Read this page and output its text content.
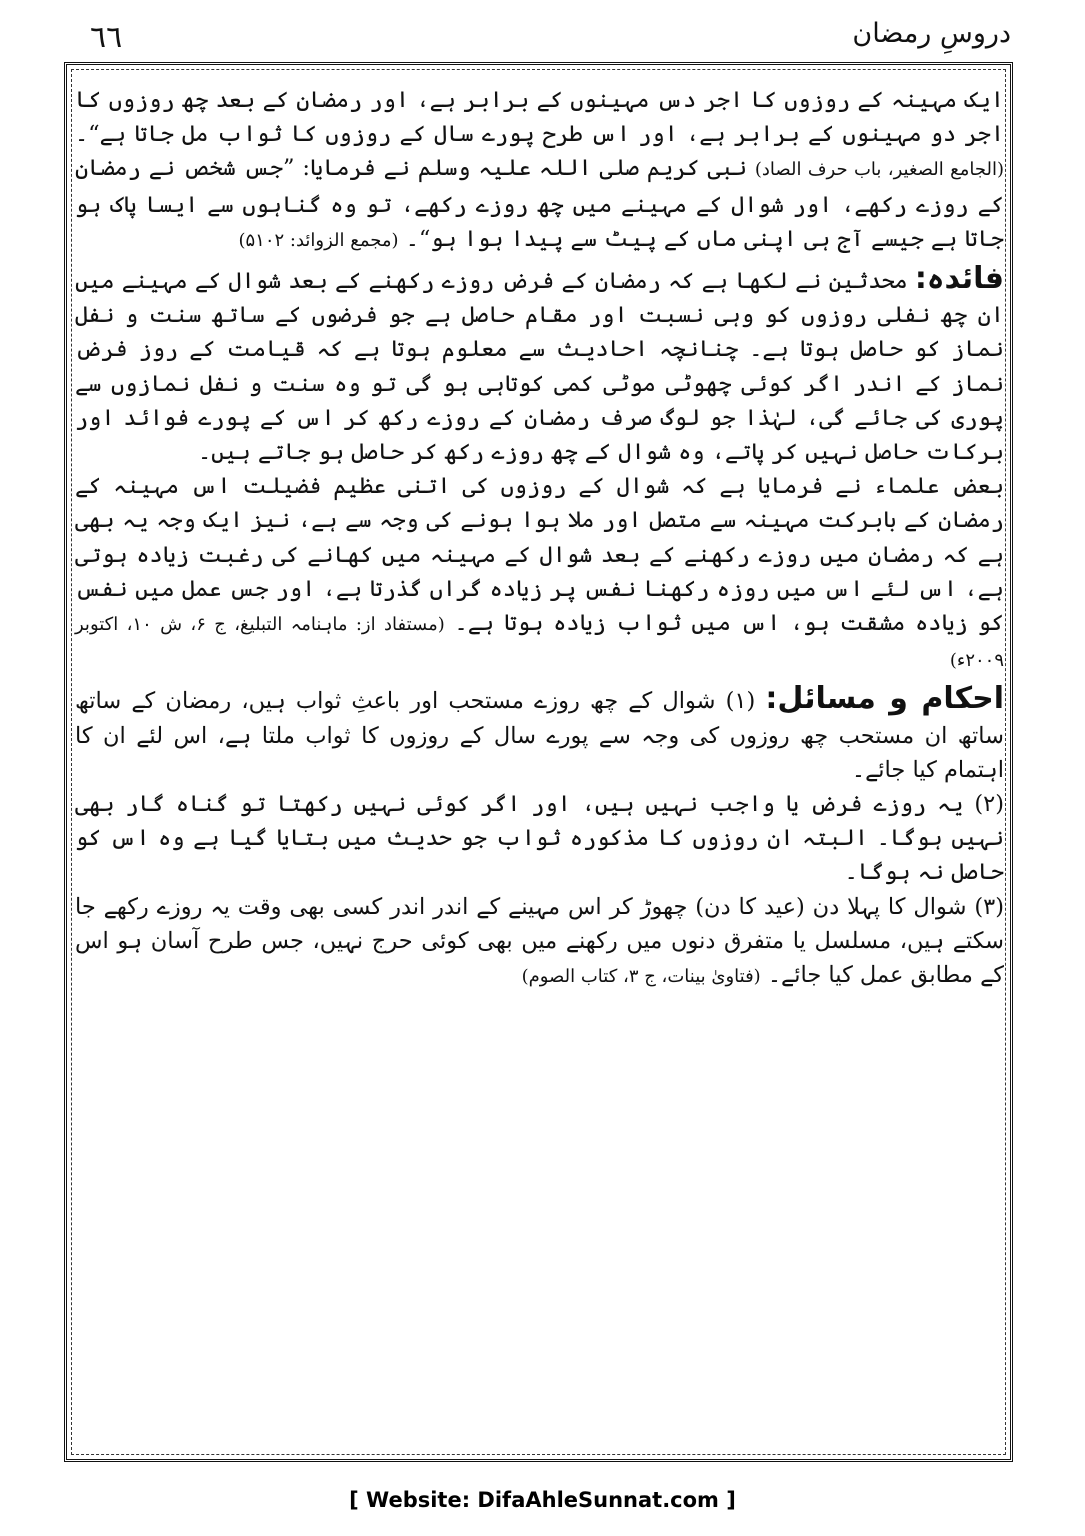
٦٦	دروسِ رمضان

ایک مہینہ کے روزوں کا اجر دس مہینوں کے برابر ہے، اور رمضان کے بعد چھ روزوں کا اجر دو مہینوں کے برابر ہے، اور اس طرح پورے سال کے روزوں کا ثواب مل جاتا ہے“۔ (الجامع الصغیر، باب حرف الصاد) نبی کریم صلی اللہ علیہ وسلم نے فرمایا: ”جس شخص نے رمضان کے روزے رکھے، اور شوال کے مہینے میں چھ روزے رکھے، تو وہ گناہوں سے ایسا پاک ہو جاتا ہے جیسے آج ہی اپنی ماں کے پیٹ سے پیدا ہوا ہو“۔ (مجمع الزوائد: ۵۱۰۲)

فائدہ: محدثین نے لکھا ہے کہ رمضان کے فرض روزے رکھنے کے بعد شوال کے مہینے میں ان چھ نفلی روزوں کو وہی نسبت اور مقام حاصل ہے جو فرضوں کے ساتھ سنت و نفل نماز کو حاصل ہوتا ہے۔ چنانچہ احادیث سے معلوم ہوتا ہے کہ قیامت کے روز فرض نماز کے اندر اگر کوئی چھوٹی موٹی کمی کوتاہی ہو گی تو وہ سنت و نفل نمازوں سے پوری کی جائے گی، لہٰذا جو لوگ صرف رمضان کے روزے رکھ کر اس کے پورے فوائد اور برکات حاصل نہیں کر پاتے، وہ شوال کے چھ روزے رکھ کر حاصل ہو جاتے ہیں۔

بعض علماء نے فرمایا ہے کہ شوال کے روزوں کی اتنی عظیم فضیلت اس مہینہ کے رمضان کے بابرکت مہینہ سے متصل اور ملا ہوا ہونے کی وجہ سے ہے، نیز ایک وجہ یہ بھی ہے کہ رمضان میں روزے رکھنے کے بعد شوال کے مہینہ میں کھانے کی رغبت زیادہ ہوتی ہے، اس لئے اس میں روزہ رکھنا نفس پر زیادہ گراں گذرتا ہے، اور جس عمل میں نفس کو زیادہ مشقت ہو، اس میں ثواب زیادہ ہوتا ہے۔ (مستفاد از: ماہنامہ التبلیغ، ج ۶، ش ۱۰، اکتوبر ۲۰۰۹ء)

احکام و مسائل: (۱) شوال کے چھ روزے مستحب اور باعثِ ثواب ہیں، رمضان کے ساتھ ساتھ ان مستحب چھ روزوں کی وجہ سے پورے سال کے روزوں کا ثواب ملتا ہے، اس لئے ان کا اہتمام کیا جائے۔

(۲) یہ روزے فرض یا واجب نہیں ہیں، اور اگر کوئی نہیں رکھتا تو گناہ گار بھی نہیں ہوگا۔ البتہ ان روزوں کا مذکورہ ثواب جو حدیث میں بتایا گیا ہے وہ اس کو حاصل نہ ہوگا۔

(۳) شوال کا پہلا دن (عید کا دن) چھوڑ کر اس مہینے کے اندر اندر کسی بھی وقت یہ روزے رکھے جا سکتے ہیں، مسلسل یا متفرق دنوں میں رکھنے میں بھی کوئی حرج نہیں، جس طرح آسان ہو اس کے مطابق عمل کیا جائے۔ (فتاویٰ بینات، ج ۳، کتاب الصوم)

[ Website: DifaAhleSunnat.com ]
